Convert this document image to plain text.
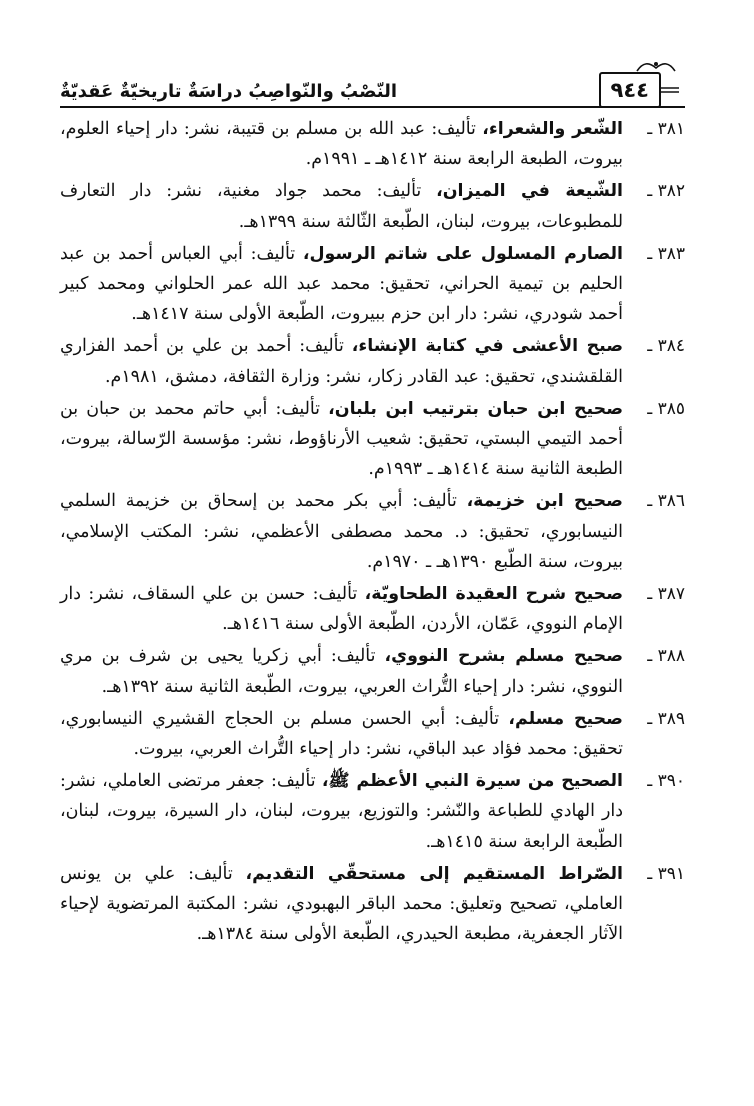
٩٤٤
النّصْبُ والنّواصِبُ دراسَةٌ تاريخيّةٌ عَقديّةٌ
٣٨١ ـ
الشّعر والشعراء، تأليف: عبد الله بن مسلم بن قتيبة، نشر: دار إحياء العلوم، بيروت، الطبعة الرابعة سنة ١٤١٢هـ ـ ١٩٩١م.
٣٨٢ ـ
الشّيعة في الميزان، تأليف: محمد جواد مغنية، نشر: دار التعارف للمطبوعات، بيروت، لبنان، الطّبعة الثّالثة سنة ١٣٩٩هـ.
٣٨٣ ـ
الصارم المسلول على شاتم الرسول، تأليف: أبي العباس أحمد بن عبد الحليم بن تيمية الحراني، تحقيق: محمد عبد الله عمر الحلواني ومحمد كبير أحمد شودري، نشر: دار ابن حزم ببيروت، الطّبعة الأولى سنة ١٤١٧هـ.
٣٨٤ ـ
صبح الأعشى في كتابة الإنشاء، تأليف: أحمد بن علي بن أحمد الفزاري القلقشندي، تحقيق: عبد القادر زكار، نشر: وزارة الثقافة، دمشق، ١٩٨١م.
٣٨٥ ـ
صحيح ابن حبان بترتيب ابن بلبان، تأليف: أبي حاتم محمد بن حبان بن أحمد التيمي البستي، تحقيق: شعيب الأرناؤوط، نشر: مؤسسة الرّسالة، بيروت، الطبعة الثانية سنة ١٤١٤هـ ـ ١٩٩٣م.
٣٨٦ ـ
صحيح ابن خزيمة، تأليف: أبي بكر محمد بن إسحاق بن خزيمة السلمي النيسابوري، تحقيق: د. محمد مصطفى الأعظمي، نشر: المكتب الإسلامي، بيروت، سنة الطّبع ١٣٩٠هـ ـ ١٩٧٠م.
٣٨٧ ـ
صحيح شرح العقيدة الطحاويّة، تأليف: حسن بن علي السقاف، نشر: دار الإمام النووي، عَمّان، الأردن، الطّبعة الأولى سنة ١٤١٦هـ.
٣٨٨ ـ
صحيح مسلم بشرح النووي، تأليف: أبي زكريا يحيى بن شرف بن مري النووي، نشر: دار إحياء التُّراث العربي، بيروت، الطّبعة الثانية سنة ١٣٩٢هـ.
٣٨٩ ـ
صحيح مسلم، تأليف: أبي الحسن مسلم بن الحجاج القشيري النيسابوري، تحقيق: محمد فؤاد عبد الباقي، نشر: دار إحياء التُّراث العربي، بيروت.
٣٩٠ ـ
الصحيح من سيرة النبي الأعظم ﷺ، تأليف: جعفر مرتضى العاملي، نشر: دار الهادي للطباعة والنّشر: والتوزيع، بيروت، لبنان، دار السيرة، بيروت، لبنان، الطّبعة الرابعة سنة ١٤١٥هـ.
٣٩١ ـ
الصّراط المستقيم إلى مستحقّي التقديم، تأليف: علي بن يونس العاملي، تصحيح وتعليق: محمد الباقر البهبودي، نشر: المكتبة المرتضوية لإحياء الآثار الجعفرية، مطبعة الحيدري، الطّبعة الأولى سنة ١٣٨٤هـ.
